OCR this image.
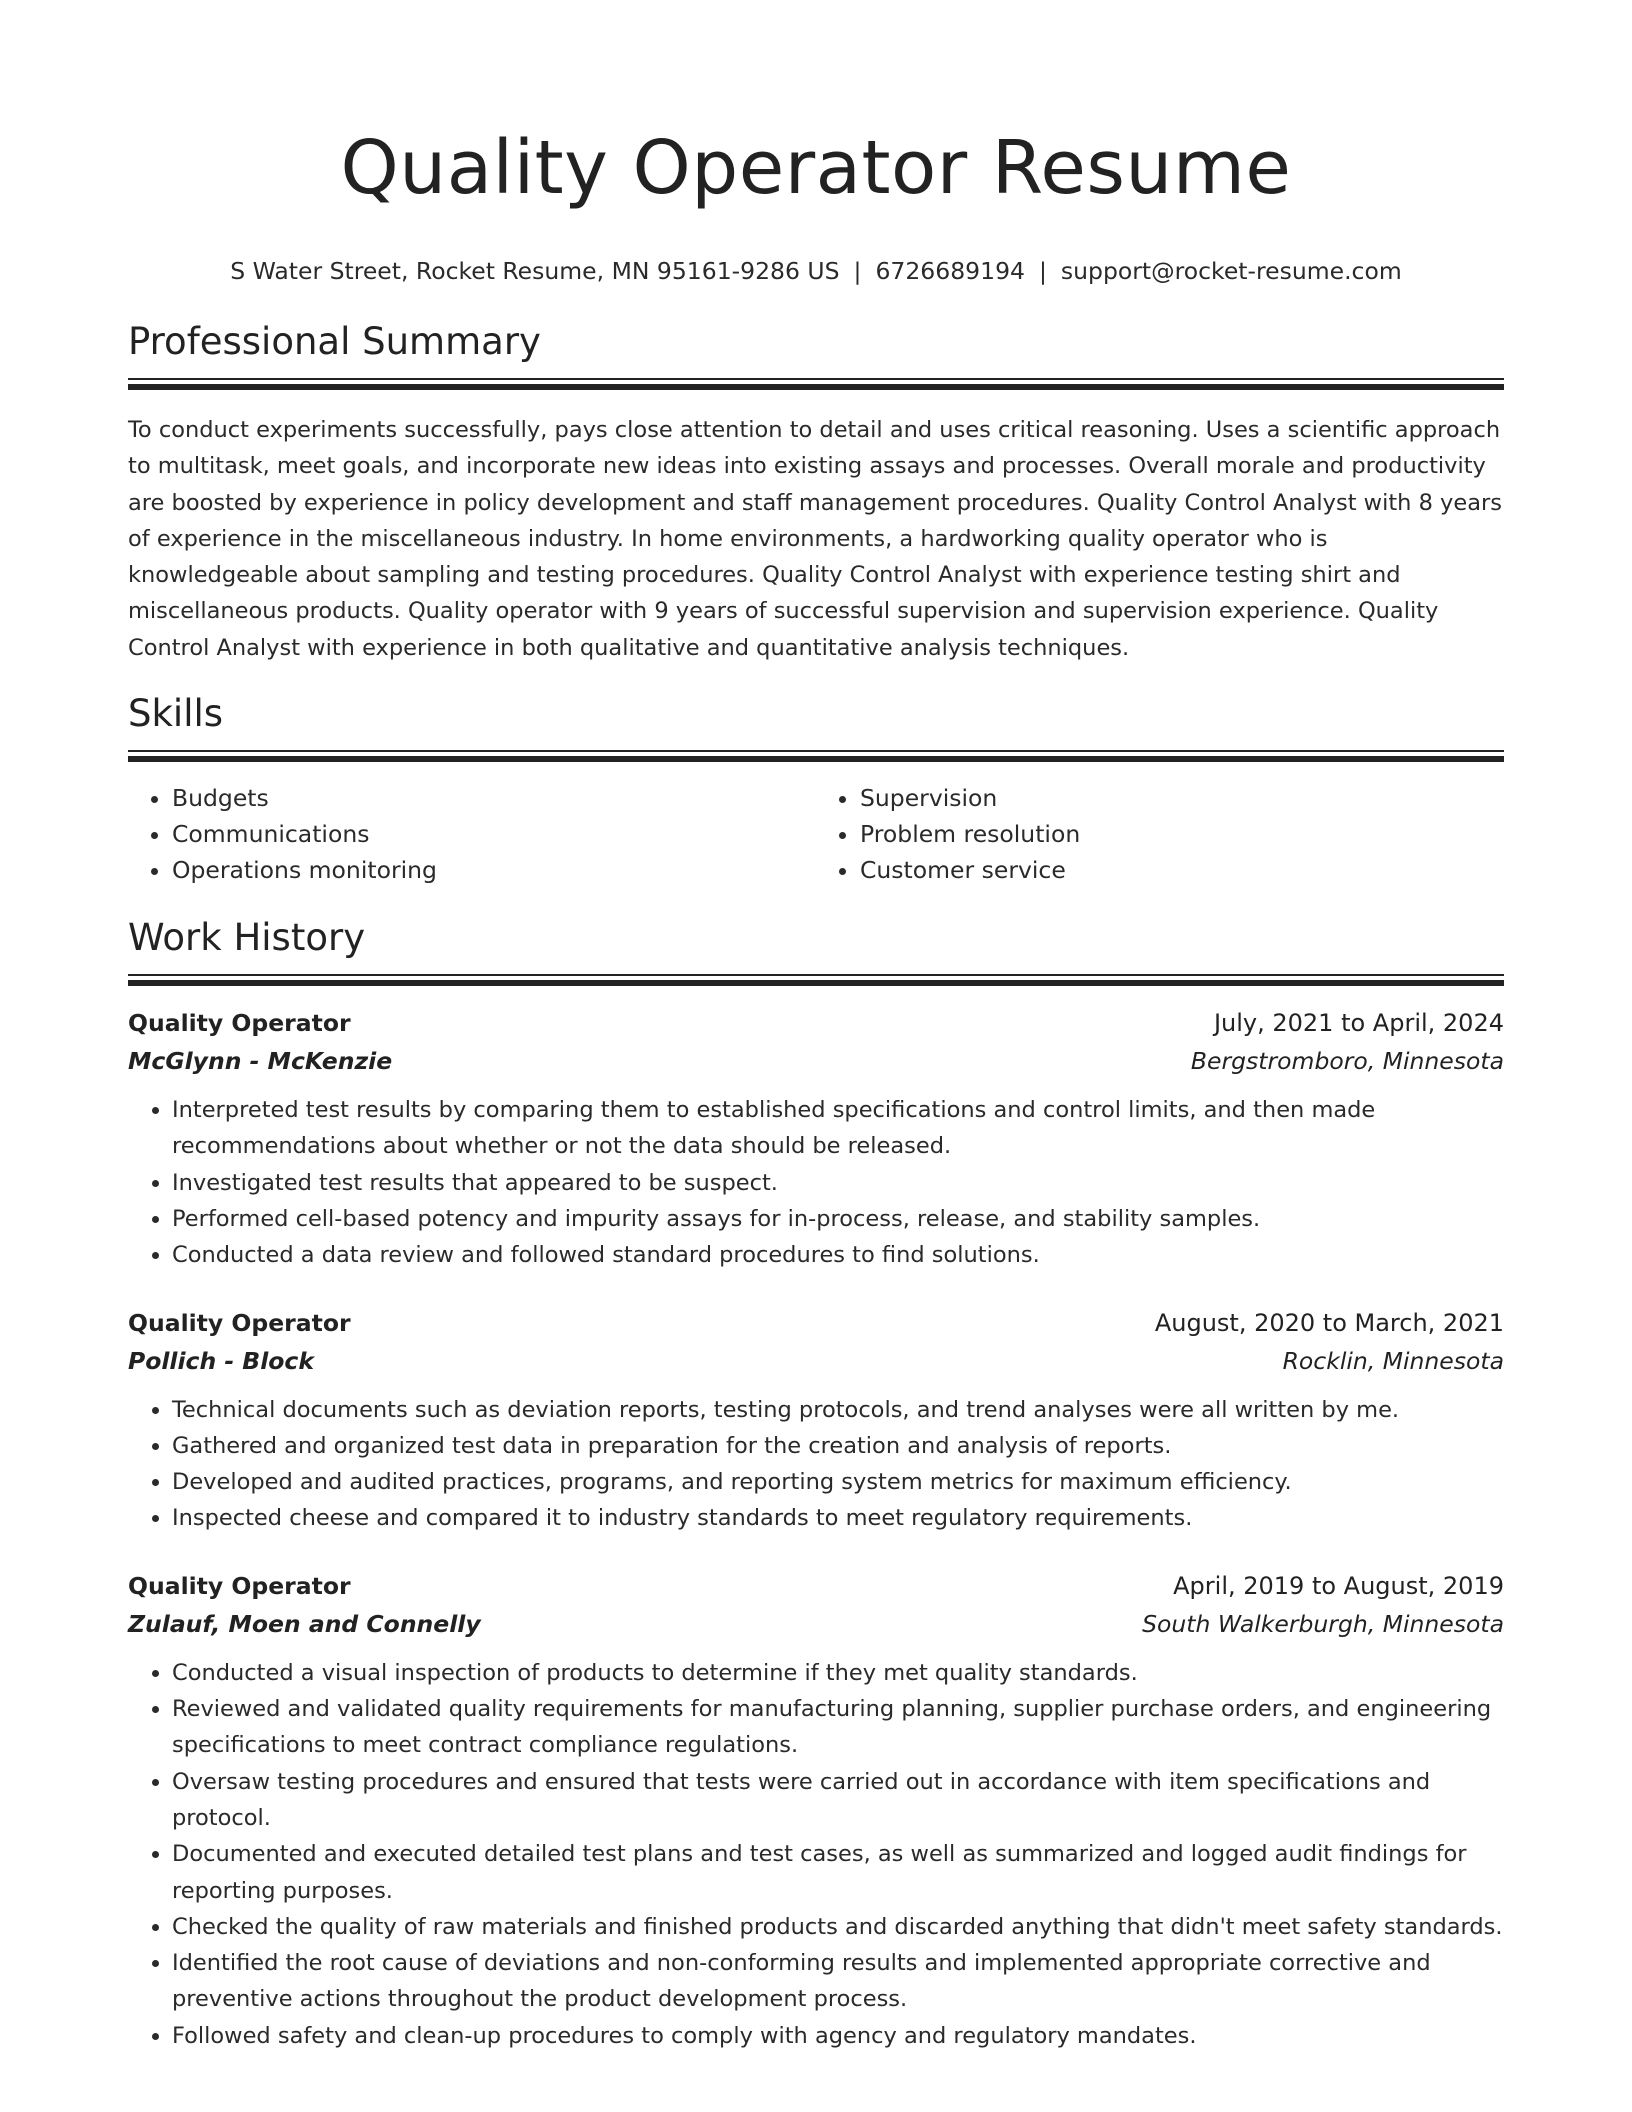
Quality Operator Resume
S Water Street, Rocket Resume, MN 95161-9286 US | 6726689194 | support@rocket-resume.com
Professional Summary

To conduct experiments successfully, pays close attention to detail and uses critical reasoning. Uses a scientific approach to multitask, meet goals, and incorporate new ideas into existing assays and processes. Overall morale and productivity are boosted by experience in policy development and staff management procedures. Quality Control Analyst with 8 years of experience in the miscellaneous industry. In home environments, a hardworking quality operator who is knowledgeable about sampling and testing procedures. Quality Control Analyst with experience testing shirt and miscellaneous products. Quality operator with 9 years of successful supervision and supervision experience. Quality Control Analyst with experience in both qualitative and quantitative analysis techniques.

Skills
• Budgets
• Communications
• Operations monitoring
• Supervision
• Problem resolution
• Customer service
Work History
Quality Operator	July, 2021 to April, 2024
McGlynn - McKenzie	Bergstromboro, Minnesota
• Interpreted test results by comparing them to established specifications and control limits, and then made recommendations about whether or not the data should be released.
• Investigated test results that appeared to be suspect.
• Performed cell-based potency and impurity assays for in-process, release, and stability samples.
• Conducted a data review and followed standard procedures to find solutions.
Quality Operator	August, 2020 to March, 2021
Pollich - Block	Rocklin, Minnesota
• Technical documents such as deviation reports, testing protocols, and trend analyses were all written by me.
• Gathered and organized test data in preparation for the creation and analysis of reports.
• Developed and audited practices, programs, and reporting system metrics for maximum efficiency.
• Inspected cheese and compared it to industry standards to meet regulatory requirements.
Quality Operator	April, 2019 to August, 2019
Zulauf, Moen and Connelly	South Walkerburgh, Minnesota
• Conducted a visual inspection of products to determine if they met quality standards.
• Reviewed and validated quality requirements for manufacturing planning, supplier purchase orders, and engineering specifications to meet contract compliance regulations.
• Oversaw testing procedures and ensured that tests were carried out in accordance with item specifications and protocol.
• Documented and executed detailed test plans and test cases, as well as summarized and logged audit findings for reporting purposes.
• Checked the quality of raw materials and finished products and discarded anything that didn't meet safety standards.
• Identified the root cause of deviations and non-conforming results and implemented appropriate corrective and preventive actions throughout the product development process.
• Followed safety and clean-up procedures to comply with agency and regulatory mandates.
